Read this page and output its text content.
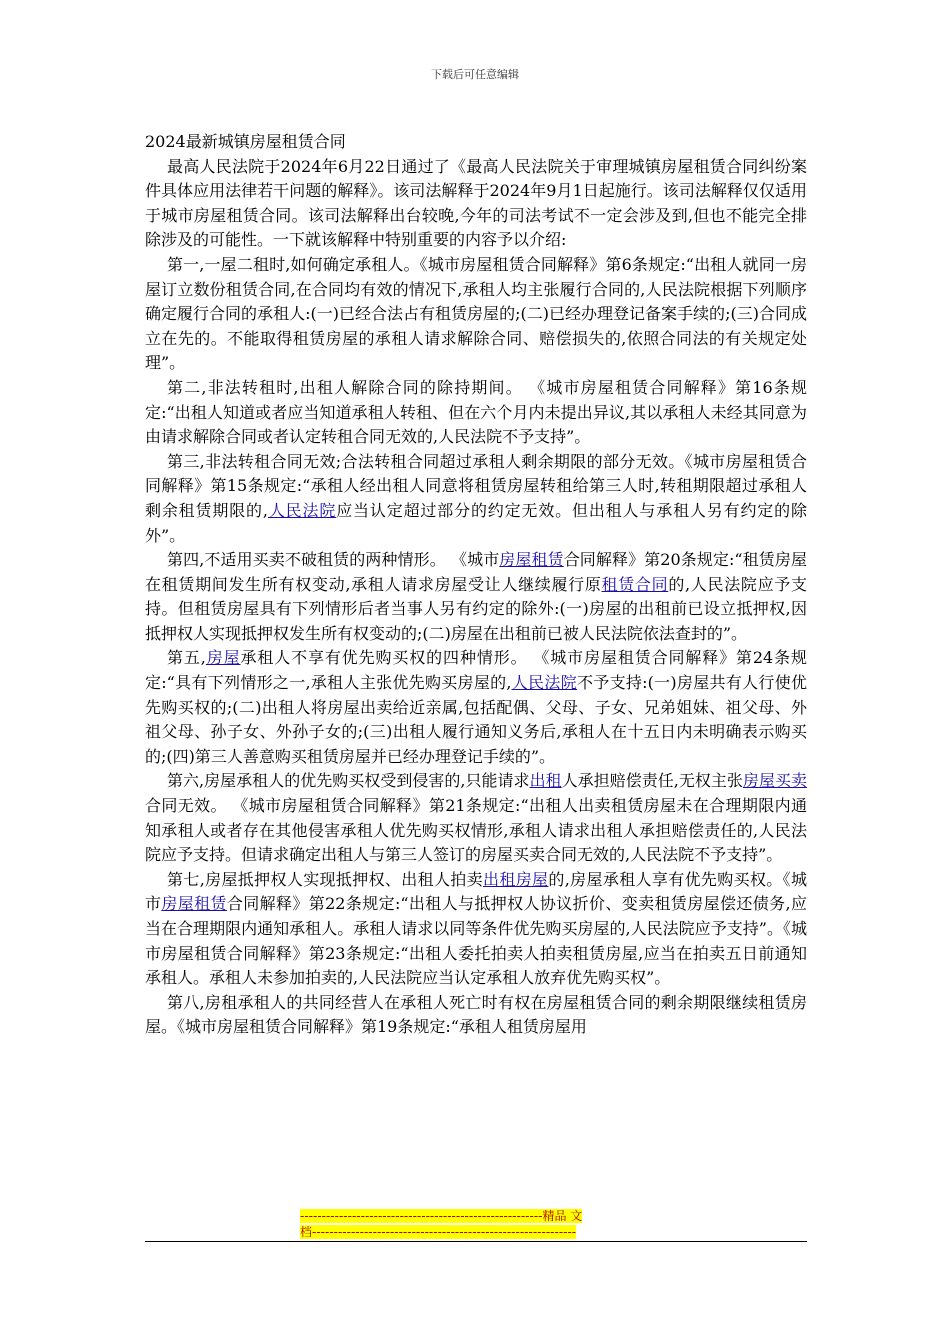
下载后可任意编辑

2024最新城镇房屋租赁合同

最高人民法院于2024年6月22日通过了《最高人民法院关于审理城镇房屋租赁合同纠纷案件具体应用法律若干问题的解释》。该司法解释于2024年9月1日起施行。该司法解释仅仅适用于城市房屋租赁合同。该司法解释出台较晚,今年的司法考试不一定会涉及到,但也不能完全排除涉及的可能性。一下就该解释中特别重要的内容予以介绍:

第一,一屋二租时,如何确定承租人。《城市房屋租赁合同解释》第6条规定:“出租人就同一房屋订立数份租赁合同,在合同均有效的情况下,承租人均主张履行合同的,人民法院根据下列顺序确定履行合同的承租人:(一)已经合法占有租赁房屋的;(二)已经办理登记备案手续的;(三)合同成立在先的。不能取得租赁房屋的承租人请求解除合同、赔偿损失的,依照合同法的有关规定处理”。

第二,非法转租时,出租人解除合同的除持期间。 《城市房屋租赁合同解释》第16条规定:“出租人知道或者应当知道承租人转租、但在六个月内未提出异议,其以承租人未经其同意为由请求解除合同或者认定转租合同无效的,人民法院不予支持”。

第三,非法转租合同无效;合法转租合同超过承租人剩余期限的部分无效。《城市房屋租赁合同解释》第15条规定:“承租人经出租人同意将租赁房屋转租给第三人时,转租期限超过承租人剩余租赁期限的,人民法院应当认定超过部分的约定无效。但出租人与承租人另有约定的除外”。

第四,不适用买卖不破租赁的两种情形。 《城市房屋租赁合同解释》第20条规定:“租赁房屋在租赁期间发生所有权变动,承租人请求房屋受让人继续履行原租赁合同的,人民法院应予支持。但租赁房屋具有下列情形后者当事人另有约定的除外:(一)房屋的出租前已设立抵押权,因抵押权人实现抵押权发生所有权变动的;(二)房屋在出租前已被人民法院依法查封的”。

第五,房屋承租人不享有优先购买权的四种情形。 《城市房屋租赁合同解释》第24条规定:“具有下列情形之一,承租人主张优先购买房屋的,人民法院不予支持:(一)房屋共有人行使优先购买权的;(二)出租人将房屋出卖给近亲属,包括配偶、父母、子女、兄弟姐妹、祖父母、外祖父母、孙子女、外孙子女的;(三)出租人履行通知义务后,承租人在十五日内未明确表示购买的;(四)第三人善意购买租赁房屋并已经办理登记手续的”。

第六,房屋承租人的优先购买权受到侵害的,只能请求出租人承担赔偿责任,无权主张房屋买卖合同无效。 《城市房屋租赁合同解释》第21条规定:“出租人出卖租赁房屋未在合理期限内通知承租人或者存在其他侵害承租人优先购买权情形,承租人请求出租人承担赔偿责任的,人民法院应予支持。但请求确定出租人与第三人签订的房屋买卖合同无效的,人民法院不予支持”。

第七,房屋抵押权人实现抵押权、出租人拍卖出租房屋的,房屋承租人享有优先购买权。《城市房屋租赁合同解释》第22条规定:“出租人与抵押权人协议折价、变卖租赁房屋偿还债务,应当在合理期限内通知承租人。承租人请求以同等条件优先购买房屋的,人民法院应予支持”。《城市房屋租赁合同解释》第23条规定:“出租人委托拍卖人拍卖租赁房屋,应当在拍卖五日前通知承租人。承租人未参加拍卖的,人民法院应当认定承租人放弃优先购买权”。

第八,房租承租人的共同经营人在承租人死亡时有权在房屋租赁合同的剩余期限继续租赁房屋。《城市房屋租赁合同解释》第19条规定:“承租人租赁房屋用

--------------------------------------------------------精品 文
档-------------------------------------------------------------
